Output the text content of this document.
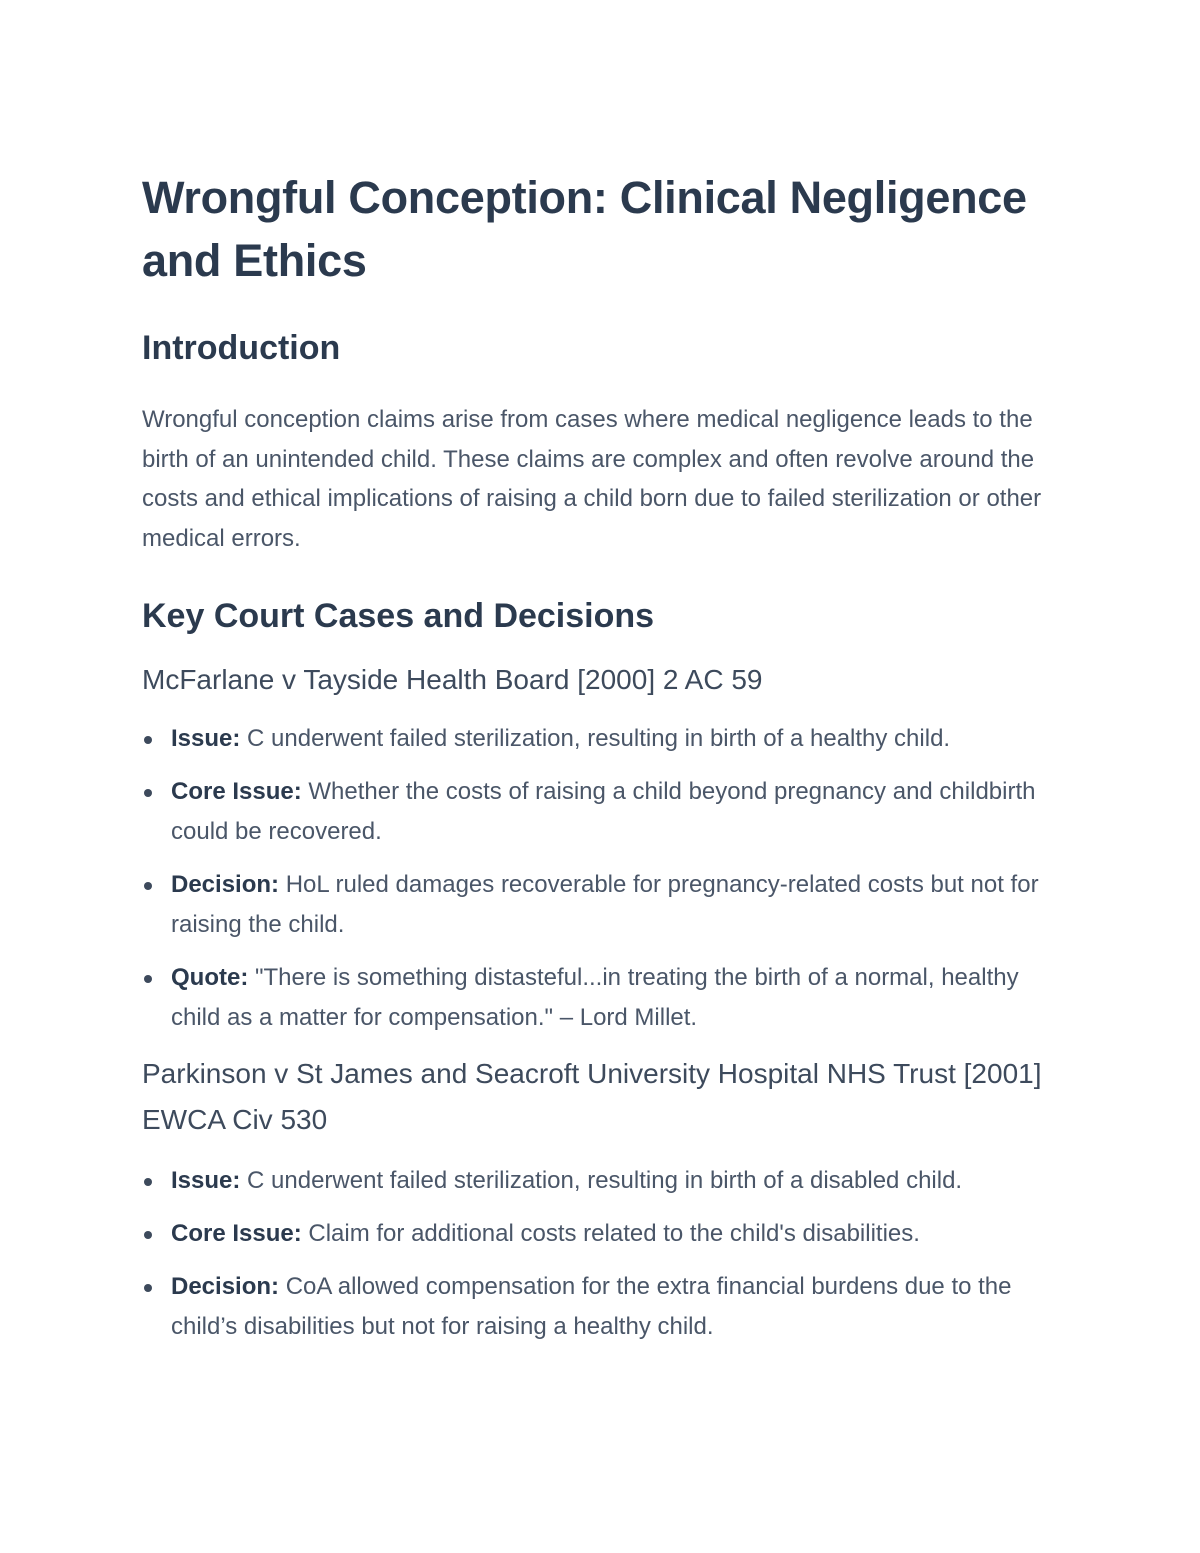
Wrongful Conception: Clinical Negligence and Ethics
Introduction

Wrongful conception claims arise from cases where medical negligence leads to the birth of an unintended child. These claims are complex and often revolve around the costs and ethical implications of raising a child born due to failed sterilization or other medical errors.

Key Court Cases and Decisions
McFarlane v Tayside Health Board [2000] 2 AC 59
Issue: C underwent failed sterilization, resulting in birth of a healthy child.
Core Issue: Whether the costs of raising a child beyond pregnancy and childbirth could be recovered.
Decision: HoL ruled damages recoverable for pregnancy-related costs but not for raising the child.
Quote: "There is something distasteful...in treating the birth of a normal, healthy child as a matter for compensation." – Lord Millet.
Parkinson v St James and Seacroft University Hospital NHS Trust [2001] EWCA Civ 530
Issue: C underwent failed sterilization, resulting in birth of a disabled child.
Core Issue: Claim for additional costs related to the child's disabilities.
Decision: CoA allowed compensation for the extra financial burdens due to the child’s disabilities but not for raising a healthy child.
